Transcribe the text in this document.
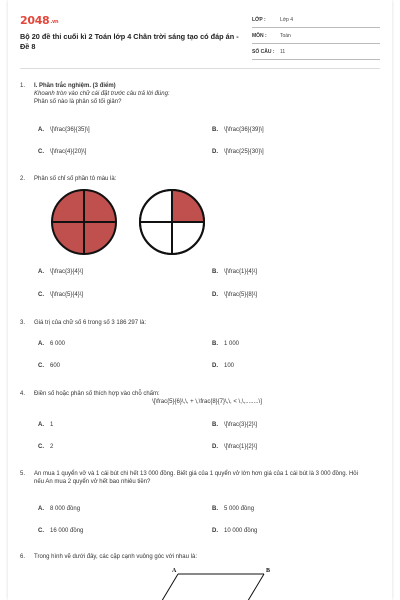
2048.vn
Bộ 20 đề thi cuối kì 2 Toán lớp 4 Chân trời sáng tạo có đáp án - Đề 8
LỚP :	Lớp 4
MÔN :	Toán
SỐ CÂU : 11
1. I. Phần trắc nghiệm. (3 điểm)
Khoanh tròn vào chữ cái đặt trước câu trả lời đúng:
Phân số nào là phân số tối giản?
A. \[\frac{36}{35}\]	B. \[\frac{36}{39}\]
C. \[\frac{4}{20}\]	D. \[\frac{25}{30}\]
2. Phân số chỉ số phần tô màu là:
A. \[\frac{3}{4}\]	B. \[\frac{1}{4}\]
C. \[\frac{5}{4}\]	D. \[\frac{5}{8}\]
3. Giá trị của chữ số 6 trong số 3 186 297 là:
A. 6 000	B. 1 000
C. 600	D. 100
4. Điền số hoặc phân số thích hợp vào chỗ chấm:
\[\frac{5}{6}\,\, + \,\frac{8}{7}\,\, < \,\,........\]
A. 1	B. \[\frac{3}{2}\]
C. 2	D. \[\frac{1}{2}\]
5. An mua 1 quyển vở và 1 cái bút chì hết 13 000 đồng. Biết giá của 1 quyển vở lớn hơn giá của 1 cái bút là 3 000 đồng. Hỏi nếu An mua 2 quyển vở hết bao nhiêu tiền?
A. 8 000 đồng	B. 5 000 đồng
C. 16 000 đồng	D. 10 000 đồng
6. Trong hình vẽ dưới đây, các cặp cạnh vuông góc với nhau là:
A	B
